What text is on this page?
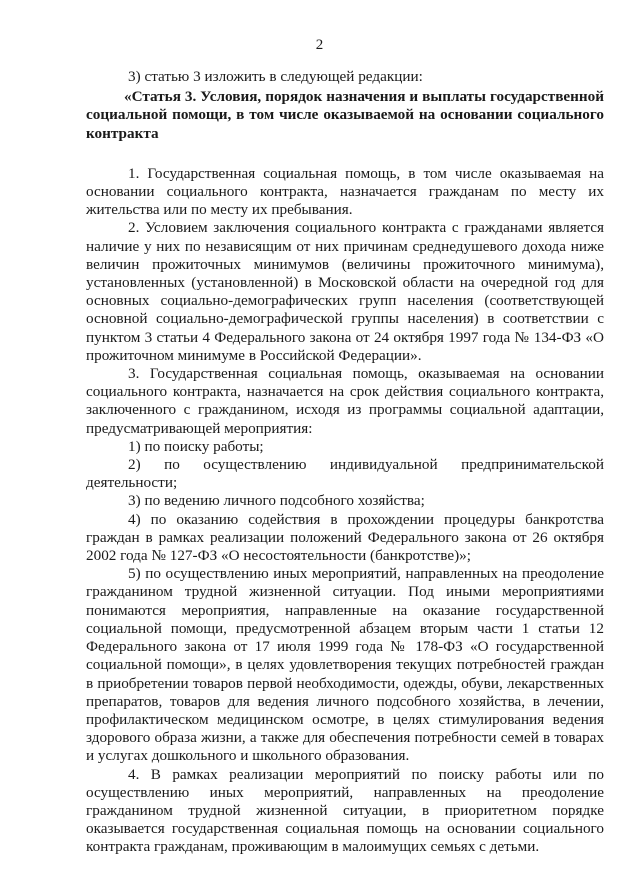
2

3) статью 3 изложить в следующей редакции:

«Статья 3. Условия, порядок назначения и выплаты государственной социальной помощи, в том числе оказываемой на основании социального контракта

1. Государственная социальная помощь, в том числе оказываемая на основании социального контракта, назначается гражданам по месту их жительства или по месту их пребывания.

2. Условием заключения социального контракта с гражданами является наличие у них по независящим от них причинам среднедушевого дохода ниже величин прожиточных минимумов (величины прожиточного минимума), установленных (установленной) в Московской области на очередной год для основных социально-демографических групп населения (соответствующей основной социально-демографической группы населения) в соответствии с пунктом 3 статьи 4 Федерального закона от 24 октября 1997 года № 134-ФЗ «О прожиточном минимуме в Российской Федерации».

3. Государственная социальная помощь, оказываемая на основании социального контракта, назначается на срок действия социального контракта, заключенного с гражданином, исходя из программы социальной адаптации, предусматривающей мероприятия:

1) по поиску работы;

2) по осуществлению индивидуальной предпринимательской деятельности;

3) по ведению личного подсобного хозяйства;

4) по оказанию содействия в прохождении процедуры банкротства граждан в рамках реализации положений Федерального закона от 26 октября 2002 года № 127-ФЗ «О несостоятельности (банкротстве)»;

5) по осуществлению иных мероприятий, направленных на преодоление гражданином трудной жизненной ситуации. Под иными мероприятиями понимаются мероприятия, направленные на оказание государственной социальной помощи, предусмотренной абзацем вторым части 1 статьи 12 Федерального закона от 17 июля 1999 года № 178-ФЗ «О государственной социальной помощи», в целях удовлетворения текущих потребностей граждан в приобретении товаров первой необходимости, одежды, обуви, лекарственных препаратов, товаров для ведения личного подсобного хозяйства, в лечении, профилактическом медицинском осмотре, в целях стимулирования ведения здорового образа жизни, а также для обеспечения потребности семей в товарах и услугах дошкольного и школьного образования.

4. В рамках реализации мероприятий по поиску работы или по осуществлению иных мероприятий, направленных на преодоление гражданином трудной жизненной ситуации, в приоритетном порядке оказывается государственная социальная помощь на основании социального контракта гражданам, проживающим в малоимущих семьях с детьми.
